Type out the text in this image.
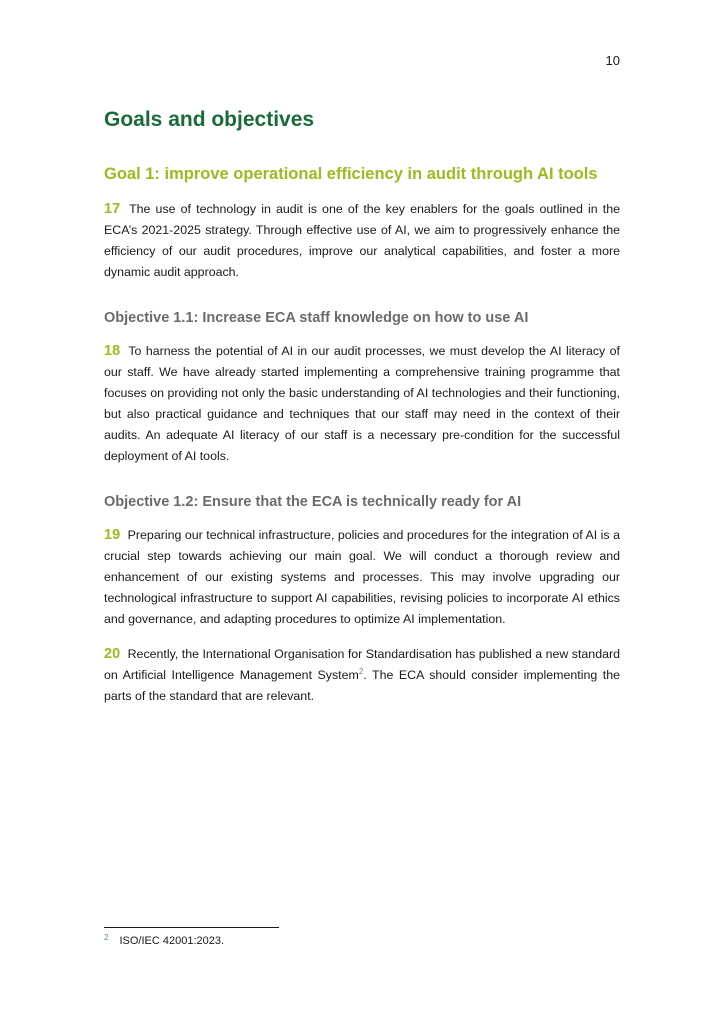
10
Goals and objectives
Goal 1: improve operational efficiency in audit through AI tools

17 The use of technology in audit is one of the key enablers for the goals outlined in the ECA’s 2021-2025 strategy. Through effective use of AI, we aim to progressively enhance the efficiency of our audit procedures, improve our analytical capabilities, and foster a more dynamic audit approach.

Objective 1.1: Increase ECA staff knowledge on how to use AI

18 To harness the potential of AI in our audit processes, we must develop the AI literacy of our staff. We have already started implementing a comprehensive training programme that focuses on providing not only the basic understanding of AI technologies and their functioning, but also practical guidance and techniques that our staff may need in the context of their audits. An adequate AI literacy of our staff is a necessary pre-condition for the successful deployment of AI tools.

Objective 1.2: Ensure that the ECA is technically ready for AI

19 Preparing our technical infrastructure, policies and procedures for the integration of AI is a crucial step towards achieving our main goal. We will conduct a thorough review and enhancement of our existing systems and processes. This may involve upgrading our technological infrastructure to support AI capabilities, revising policies to incorporate AI ethics and governance, and adapting procedures to optimize AI implementation.

20 Recently, the International Organisation for Standardisation has published a new standard on Artificial Intelligence Management System$^2$. The ECA should consider implementing the parts of the standard that are relevant.

$^2$ ISO/IEC 42001:2023.
